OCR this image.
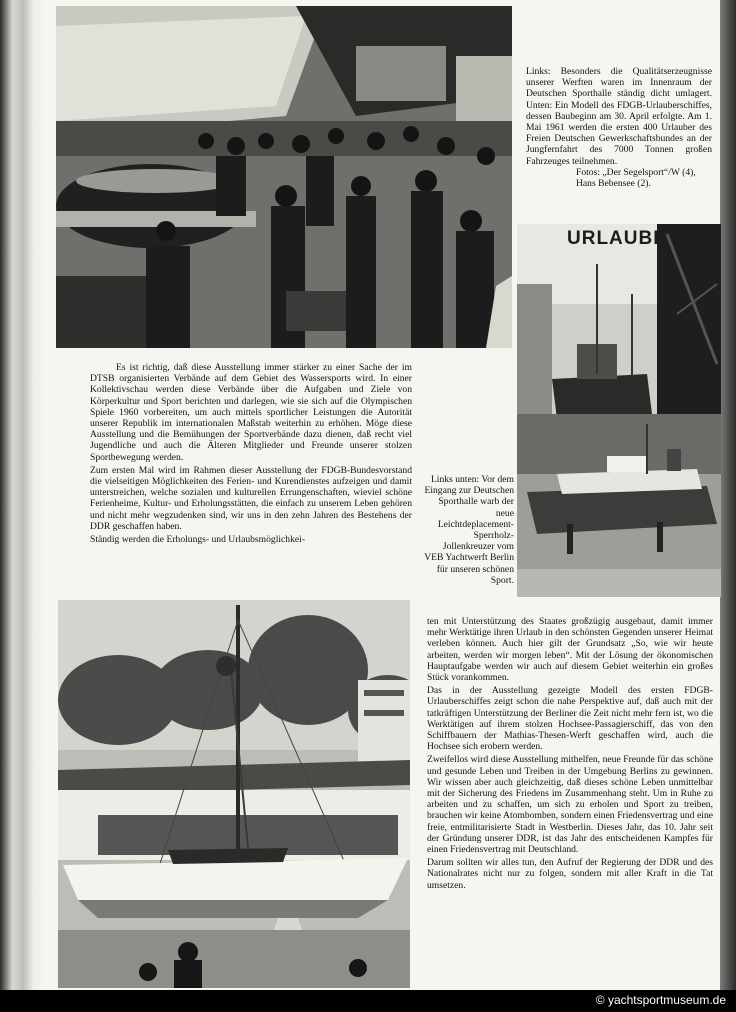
Links: Besonders die Qualitätserzeugnisse unserer Werften waren im Innenraum der Deutschen Sporthalle ständig dicht umlagert. Unten: Ein Modell des FDGB-Urlauberschiffes, dessen Baubeginn am 30. April erfolgte. Am 1. Mai 1961 werden die ersten 400 Urlauber des Freien Deutschen Gewerkschaftsbundes an der Jungfernfahrt des 7000 Tonnen großen Fahrzeuges teilnehmen.
Fotos: „Der Segelsport“/W (4),
Hans Bebensee (2).
URLAUBE

Es ist richtig, daß diese Ausstellung immer stärker zu einer Sache der im DTSB organisierten Verbände auf dem Gebiet des Wassersports wird. In einer Kollektivschau werden diese Verbände über die Aufgaben und Ziele von Körperkultur und Sport berichten und darlegen, wie sie sich auf die Olympischen Spiele 1960 vorbereiten, um auch mittels sportlicher Leistungen die Autorität unserer Republik im internationalen Maßstab weiterhin zu erhöhen. Möge diese Ausstellung und die Bemühungen der Sportverbände dazu dienen, daß recht viel Jugendliche und auch die Älteren Mitglieder und Freunde unserer stolzen Sportbewegung werden.

Zum ersten Mal wird im Rahmen dieser Ausstellung der FDGB-Bundesvorstand die vielseitigen Möglichkeiten des Ferien- und Kurendienstes aufzeigen und damit unterstreichen, welche sozialen und kulturellen Errungenschaften, wieviel schöne Ferienheime, Kultur- und Erholungsstätten, die einfach zu unserem Leben gehören und nicht mehr wegzudenken sind, wir uns in den zehn Jahren des Bestehens der DDR geschaffen haben.

Ständig werden die Erholungs- und Urlaubsmöglichkei-

Links unten: Vor dem Eingang zur Deutschen Sporthalle warb der neue Leichtdeplacement-Sperrholz-Jollenkreuzer vom VEB Yachtwerft Berlin für unseren schönen Sport.

ten mit Unterstützung des Staates großzügig ausgebaut, damit immer mehr Werktätige ihren Urlaub in den schönsten Gegenden unserer Heimat verleben können. Auch hier gilt der Grundsatz „So, wie wir heute arbeiten, werden wir morgen leben“. Mit der Lösung der ökonomischen Hauptaufgabe werden wir auch auf diesem Gebiet weiterhin ein großes Stück vorankommen.

Das in der Ausstellung gezeigte Modell des ersten FDGB-Urlauberschiffes zeigt schon die nahe Perspektive auf, daß auch mit der tatkräftigen Unterstützung der Berliner die Zeit nicht mehr fern ist, wo die Werktätigen auf ihrem stolzen Hochsee-Passagierschiff, das von den Schiffbauern der Mathias-Thesen-Werft geschaffen wird, auch die Hochsee sich erobern werden.

Zweifellos wird diese Ausstellung mithelfen, neue Freunde für das schöne und gesunde Leben und Treiben in der Umgebung Berlins zu gewinnen. Wir wissen aber auch gleichzeitig, daß dieses schöne Leben unmittelbar mit der Sicherung des Friedens im Zusammenhang steht. Um in Ruhe zu arbeiten und zu schaffen, um sich zu erholen und Sport zu treiben, brauchen wir keine Atombomben, sondern einen Friedensvertrag und eine freie, entmilitarisierte Stadt in Westberlin. Dieses Jahr, das 10. Jahr seit der Gründung unserer DDR, ist das Jahr des entscheidenen Kampfes für einen Friedensvertrag mit Deutschland.

Darum sollten wir alles tun, den Aufruf der Regierung der DDR und des Nationalrates nicht nur zu folgen, sondern mit aller Kraft in die Tat umsetzen.

© yachtsportmuseum.de
